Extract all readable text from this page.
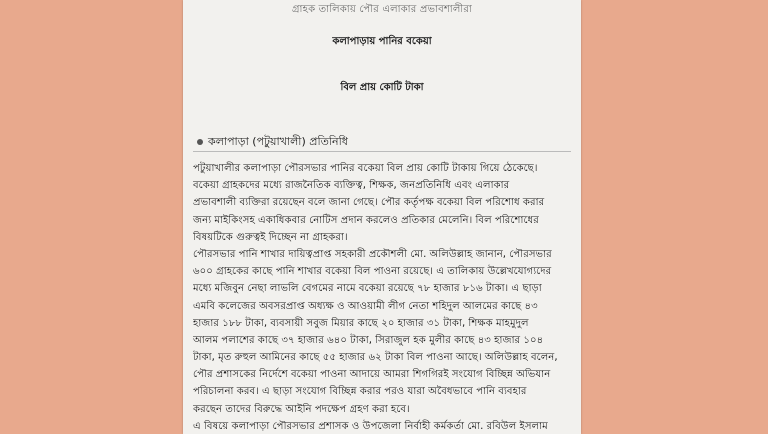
গ্রাহক তালিকায় পৌর এলাকার প্রভাবশালীরা
কলাপাড়ায় পানির বকেয়া
বিল প্রায় কোটি টাকা
কলাপাড়া (পটুয়াখালী) প্রতিনিধি
পটুয়াখালীর কলাপাড়া পৌরসভার পানির বকেয়া বিল প্রায় কোটি টাকায় গিয়ে ঠেকেছে।
বকেয়া গ্রাহকদের মধ্যে রাজনৈতিক ব্যক্তিত্ব, শিক্ষক, জনপ্রতিনিধি এবং এলাকার
প্রভাবশালী ব্যক্তিরা রয়েছেন বলে জানা গেছে। পৌর কর্তৃপক্ষ বকেয়া বিল পরিশোধ করার
জন্য মাইকিংসহ একাধিকবার নোটিস প্রদান করলেও প্রতিকার মেলেনি। বিল পরিশোধের
বিষয়টিকে গুরুত্বই দিচ্ছেন না গ্রাহকরা।
পৌরসভার পানি শাখার দায়িত্বপ্রাপ্ত সহকারী প্রকৌশলী মো. অলিউল্লাহ জানান, পৌরসভার
৬০০ গ্রাহকের কাছে পানি শাখার বকেয়া বিল পাওনা রয়েছে। এ তালিকায় উল্লেখযোগ্যদের
মধ্যে মজিবুন নেছা লাভলি বেগমের নামে বকেয়া রয়েছে ৭৮ হাজার ৮১৬ টাকা। এ ছাড়া
এমবি কলেজের অবসরপ্রাপ্ত অধ্যক্ষ ও আওয়ামী লীগ নেতা শহিদুল আলমের কাছে ৪৩
হাজার ১৮৮ টাকা, ব্যবসায়ী সবুজ মিয়ার কাছে ২০ হাজার ৩১ টাকা, শিক্ষক মাহমুদুল
আলম পলাশের কাছে ৩৭ হাজার ৬৪০ টাকা, সিরাজুল হক মুলীর কাছে ৪৩ হাজার ১০৪
টাকা, মৃত রুহুল আমিনের কাছে ৫৫ হাজার ৬২ টাকা বিল পাওনা আছে। অলিউল্লাহ বলেন,
পৌর প্রশাসকের নির্দেশে বকেয়া পাওনা আদায়ে আমরা শিগগিরই সংযোগ বিচ্ছিন্ন অভিযান
পরিচালনা করব। এ ছাড়া সংযোগ বিচ্ছিন্ন করার পরও যারা অবৈধভাবে পানি ব্যবহার
করছেন তাদের বিরুদ্ধে আইনি পদক্ষেপ গ্রহণ করা হবে।
এ বিষয়ে কলাপাড়া পৌরসভার প্রশাসক ও উপজেলা নির্বাহী কর্মকর্তা মো. রবিউল ইসলাম
